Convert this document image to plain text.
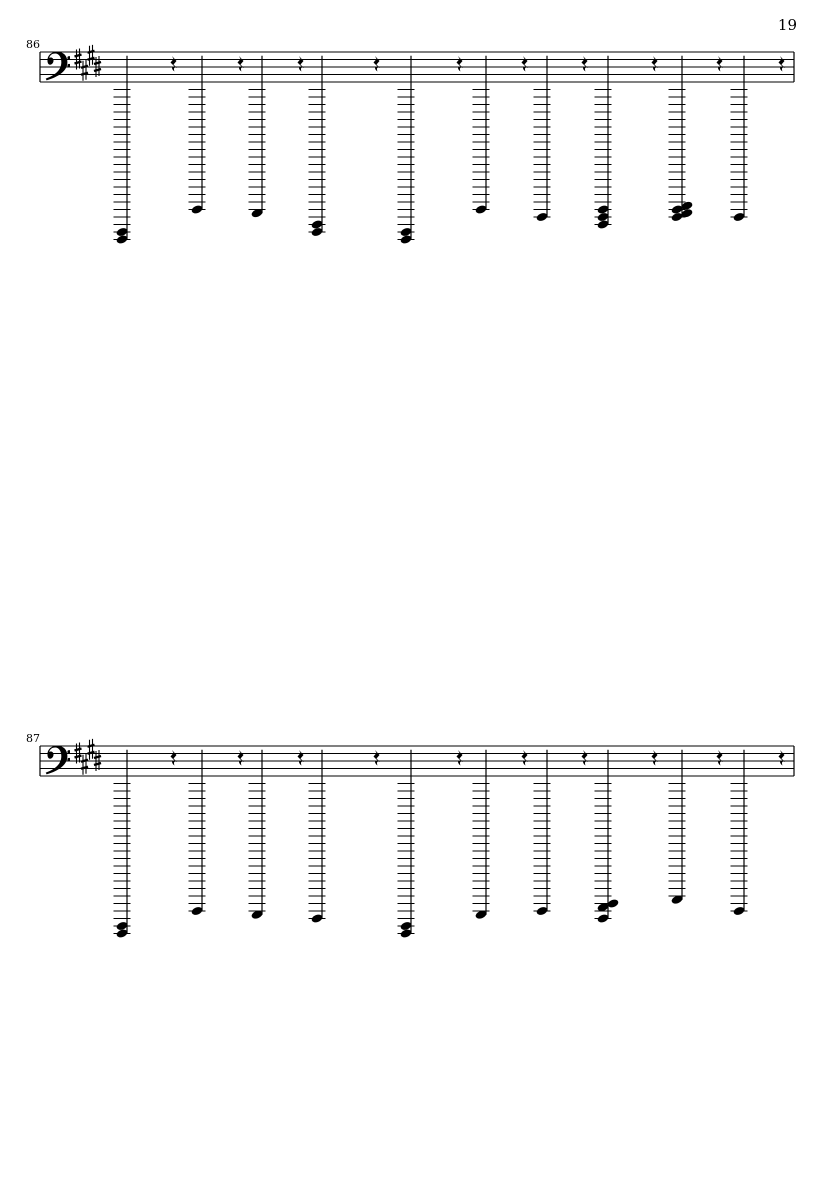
19
86
87
